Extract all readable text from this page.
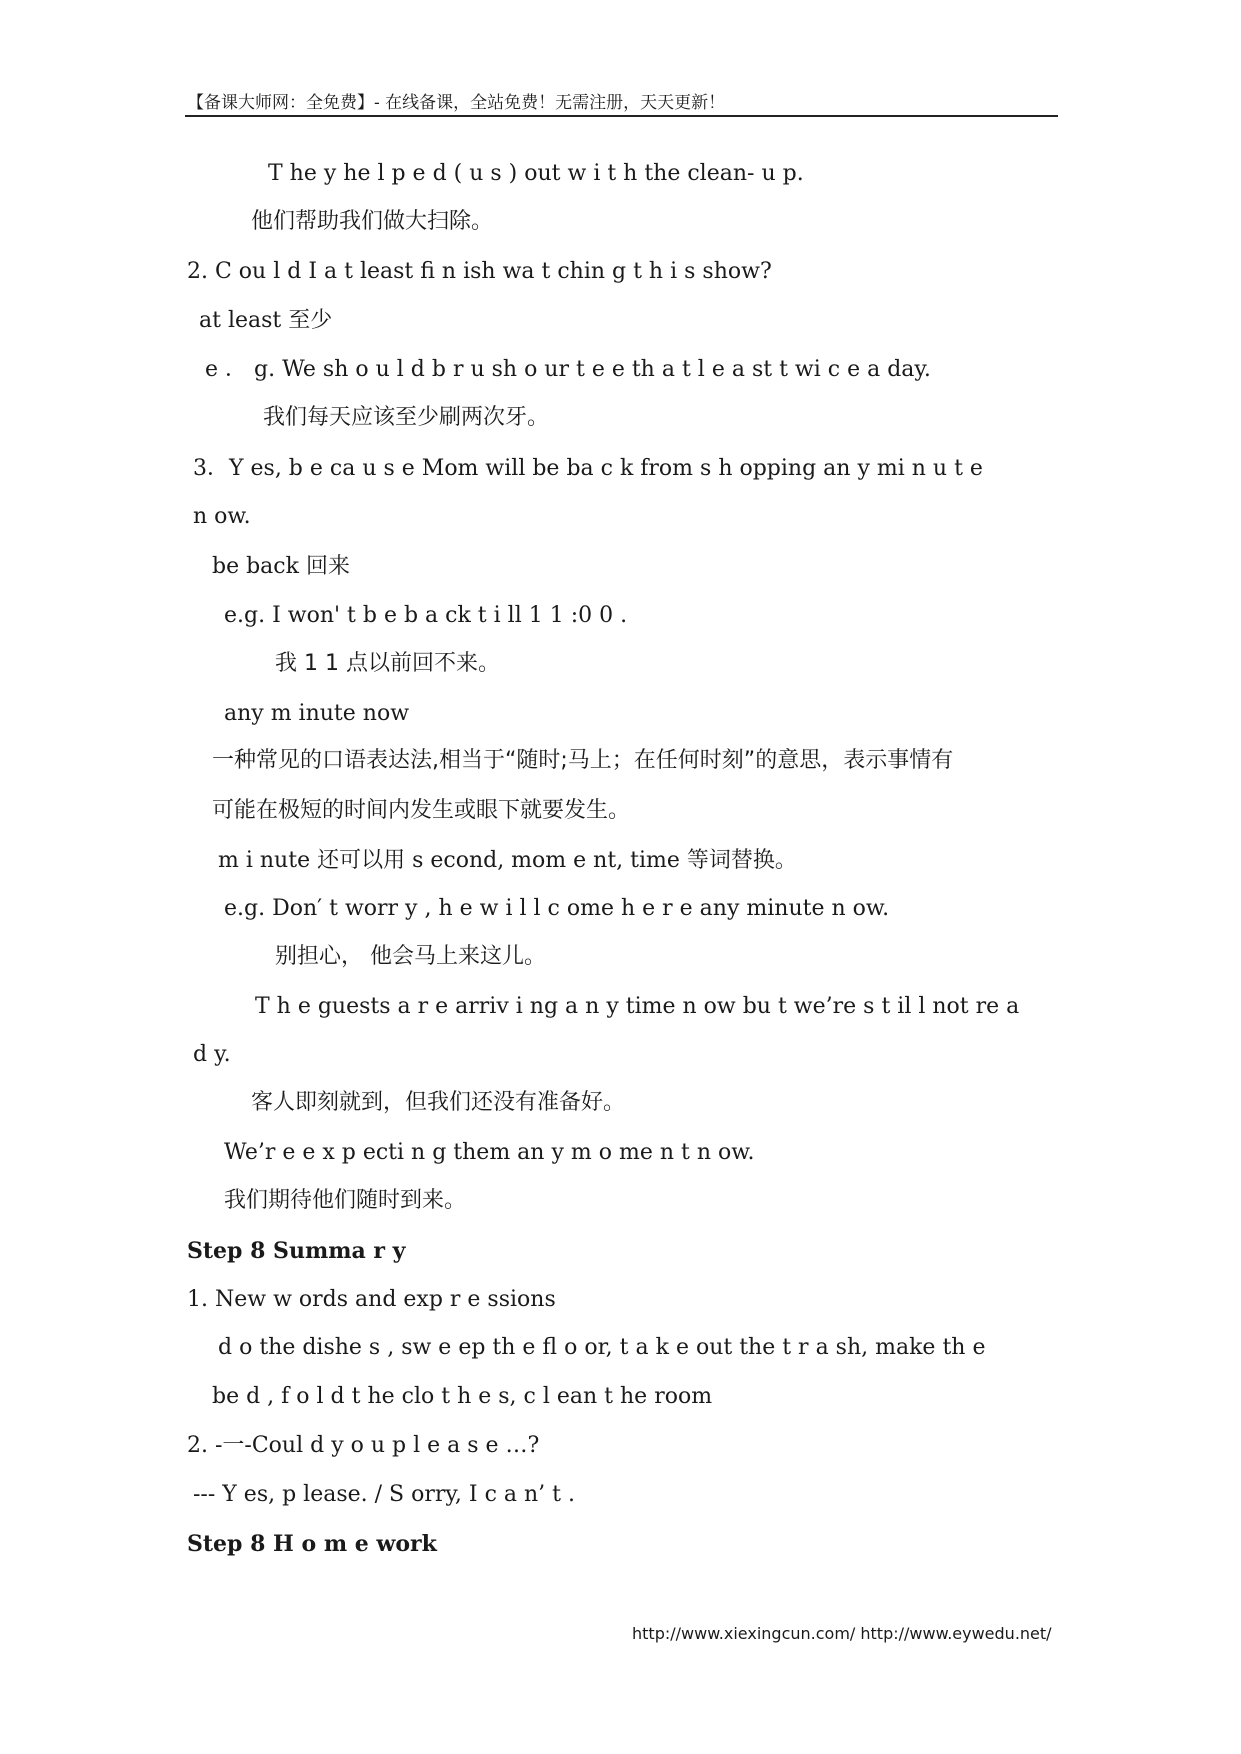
【备课大师网：全免费】- 在线备课，全站免费！无需注册，天天更新！
T he y he l p e d ( u s ) out w i t h the clean- u p.
他们帮助我们做大扫除。
2. C ou l d I a t least fi n ish wa t chin g t h i s show?
at least 至少
e ． g. We sh o u l d b r u sh o ur t e e th a t l e a st t wi c e a day.
我们每天应该至少刷两次牙。
3．Y es, b e ca u s e Mom will be ba c k from s h opping an y mi n u t e
n ow.
be back 回来
e.g. I won' t b e b a ck t i ll 1 1 :0 0 .
我 1 1 点以前回不来。
any m inute now
一种常见的口语表达法,相当于“随时;马上；在任何时刻”的意思，表示事情有
可能在极短的时间内发生或眼下就要发生。
m i nute 还可以用 s econd, mom e nt, time 等词替换。
e.g. Don′ t worr y , h e w i l l c ome h e r e any minute n ow.
别担心， 他会马上来这儿。
T h e guests a r e arriv i ng a n y time n ow bu t we’re s t il l not re a
d y.
客人即刻就到，但我们还没有准备好。
We’r e e x p ecti n g them an y m o me n t n ow.
我们期待他们随时到来。
Step 8 Summa r y
1. New w ords and exp r e ssions
d o the dishe s , sw e ep th e fl o or, t a k e out the t r a sh, make th e
be d , f o l d t he clo t h e s, c l ean t he room
2. -一-Coul d y o u p l e a s e …?
--- Y es, p lease. / S orry, I c a n’ t .
Step 8 H o m e work
http://www.xiexingcun.com/ http://www.eywedu.net/
